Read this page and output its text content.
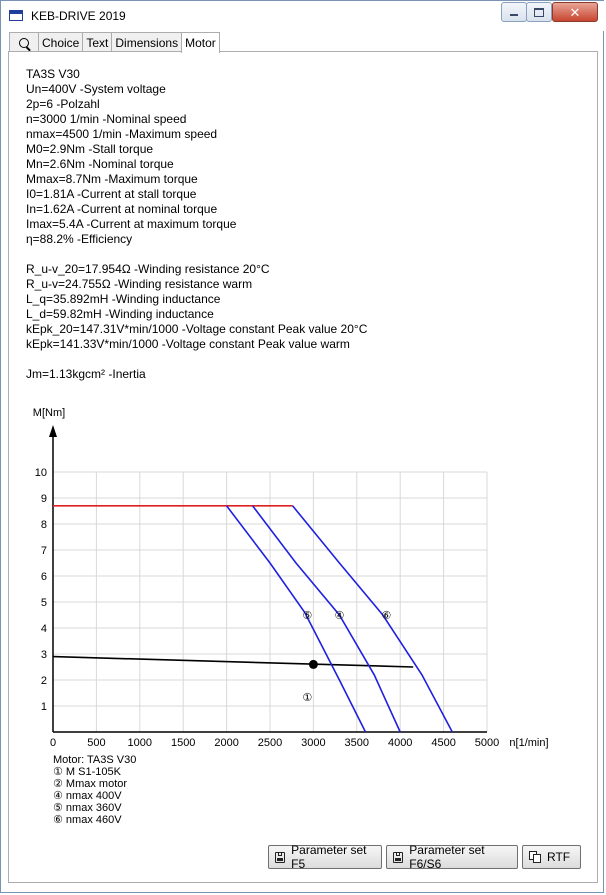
KEB-DRIVE 2019	✕
Choice Text Dimensions Motor
TA3S V30
Un=400V -System voltage
2p=6 -Polzahl
n=3000 1/min -Nominal speed
nmax=4500 1/min -Maximum speed
M0=2.9Nm -Stall torque
Mn=2.6Nm -Nominal torque
Mmax=8.7Nm -Maximum torque
I0=1.81A -Current at stall torque
In=1.62A -Current at nominal torque
Imax=5.4A -Current at maximum torque
η=88.2% -Efficiency
R_u-v_20=17.954Ω -Winding resistance 20°C
R_u-v=24.755Ω -Winding resistance warm
L_q=35.892mH -Winding inductance
L_d=59.82mH -Winding inductance
kEpk_20=147.31V*min/1000 -Voltage constant Peak value 20°C
kEpk=141.33V*min/1000 -Voltage constant Peak value warm
Jm=1.13kgcm² -Inertia
0	500 1000 1500 2000 2500 3000 3500 4000 4500 5000
1
2
3
4
5
6
7
8
9
10
n[1/min]
M[Nm]
⑤ ④	⑥
①
Motor: TA3S V30
① M S1-105K
② Mmax motor
④ nmax 400V
⑤ nmax 360V
⑥ nmax 460V
Parameter set F5
Parameter set F6/S6	RTF
